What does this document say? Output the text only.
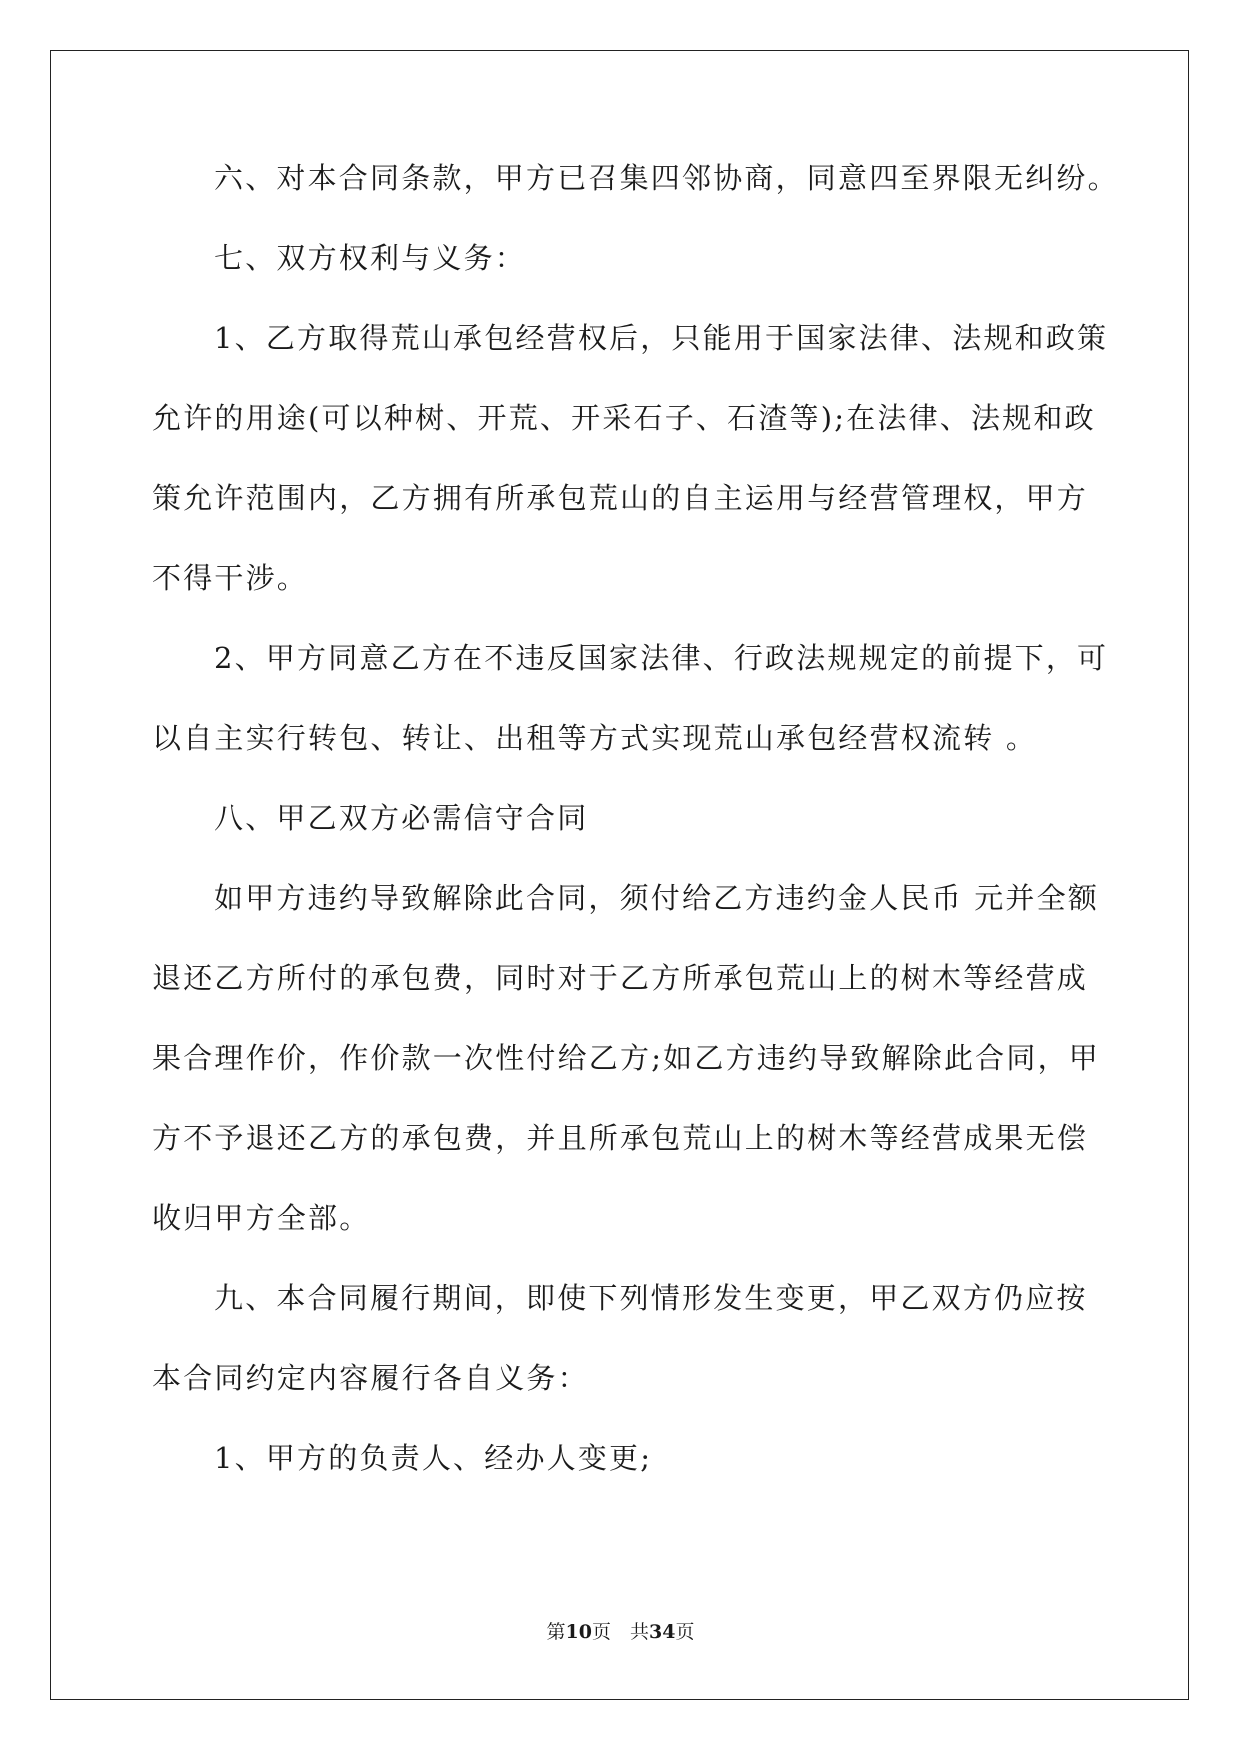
六、对本合同条款，甲方已召集四邻协商，同意四至界限无纠纷。
七、双方权利与义务：
1、乙方取得荒山承包经营权后，只能用于国家法律、法规和政策
允许的用途(可以种树、开荒、开采石子、石渣等);在法律、法规和政
策允许范围内，乙方拥有所承包荒山的自主运用与经营管理权，甲方
不得干涉。
2、甲方同意乙方在不违反国家法律、行政法规规定的前提下，可
以自主实行转包、转让、出租等方式实现荒山承包经营权流转 。
八、甲乙双方必需信守合同
如甲方违约导致解除此合同，须付给乙方违约金人民币 元并全额
退还乙方所付的承包费，同时对于乙方所承包荒山上的树木等经营成
果合理作价，作价款一次性付给乙方;如乙方违约导致解除此合同，甲
方不予退还乙方的承包费，并且所承包荒山上的树木等经营成果无偿
收归甲方全部。
九、本合同履行期间，即使下列情形发生变更，甲乙双方仍应按
本合同约定内容履行各自义务：
1、甲方的负责人、经办人变更;
第10页　共34页
